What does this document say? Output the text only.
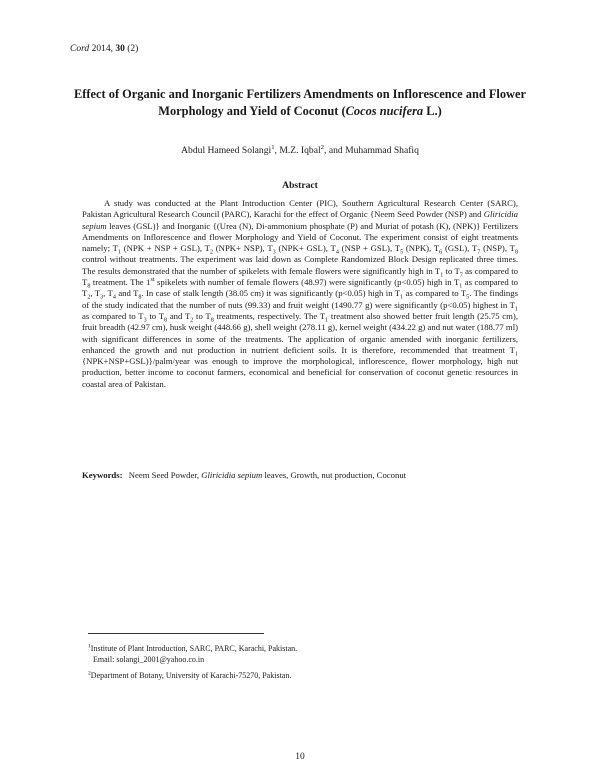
Cord 2014, 30 (2)
Effect of Organic and Inorganic Fertilizers Amendments on Inflorescence and Flower Morphology and Yield of Coconut (Cocos nucifera L.)
Abdul Hameed Solangi$^1$, M.Z. Iqbal$^2$, and Muhammad Shafiq
Abstract

A study was conducted at the Plant Introduction Center (PIC), Southern Agricultural Research Center (SARC), Pakistan Agricultural Research Council (PARC), Karachi for the effect of Organic {Neem Seed Powder (NSP) and Gliricidia sepium leaves (GSL)} and Inorganic {(Urea (N), Di-ammonium phosphate (P) and Muriat of potash (K), (NPK)} Fertilizers Amendments on Inflorescence and flower Morphology and Yield of Coconut. The experiment consist of eight treatments namely; $T_1$ (NPK + NSP + GSL), $T_2$ (NPK+ NSP), $T_3$ (NPK+ GSL), $T_4$ (NSP + GSL), $T_5$ (NPK), $T_6$ (GSL), $T_7$ (NSP), $T_8$ control without treatments. The experiment was laid down as Complete Randomized Block Design replicated three times. The results demonstrated that the number of spikelets with female flowers were significantly high in $T_1$ to $T_7$ as compared to $T_8$ treatment. The 1st spikelets with number of female flowers (48.97) were significantly (p<0.05) high in $T_1$ as compared to $T_2$, $T_3$, $T_4$ and $T_8$. In case of stalk length (38.05 cm) it was significantly (p<0.05) high in $T_1$ as compared to $T_5$. The findings of the study indicated that the number of nuts (99.33) and fruit weight (1490.77 g) were significantly (p<0.05) highest in $T_1$ as compared to $T_3$ to $T_8$ and $T_2$ to $T_8$ treatments, respectively. The $T_1$ treatment also showed better fruit length (25.75 cm), fruit breadth (42.97 cm), husk weight (448.66 g), shell weight (278.11 g), kernel weight (434.22 g) and nut water (188.77 ml) with significant differences in some of the treatments. The application of organic amended with inorganic fertilizers, enhanced the growth and nut production in nutrient deficient soils. It is therefore, recommended that treatment $T_1$ {NPK+NSP+GSL)}/palm/year was enough to improve the morphological, inflorescence, flower morphology, high nut production, better income to coconut farmers, economical and beneficial for conservation of coconut genetic resources in coastal area of Pakistan.

Keywords: Neem Seed Powder, Gliricidia sepium leaves, Growth, nut production, Coconut

$^1$Institute of Plant Introduction, SARC, PARC, Karachi, Pakistan.
Email: solangi_2001@yahoo.co.in
$^2$Department of Botany, University of Karachi-75270, Pakistan.
10
